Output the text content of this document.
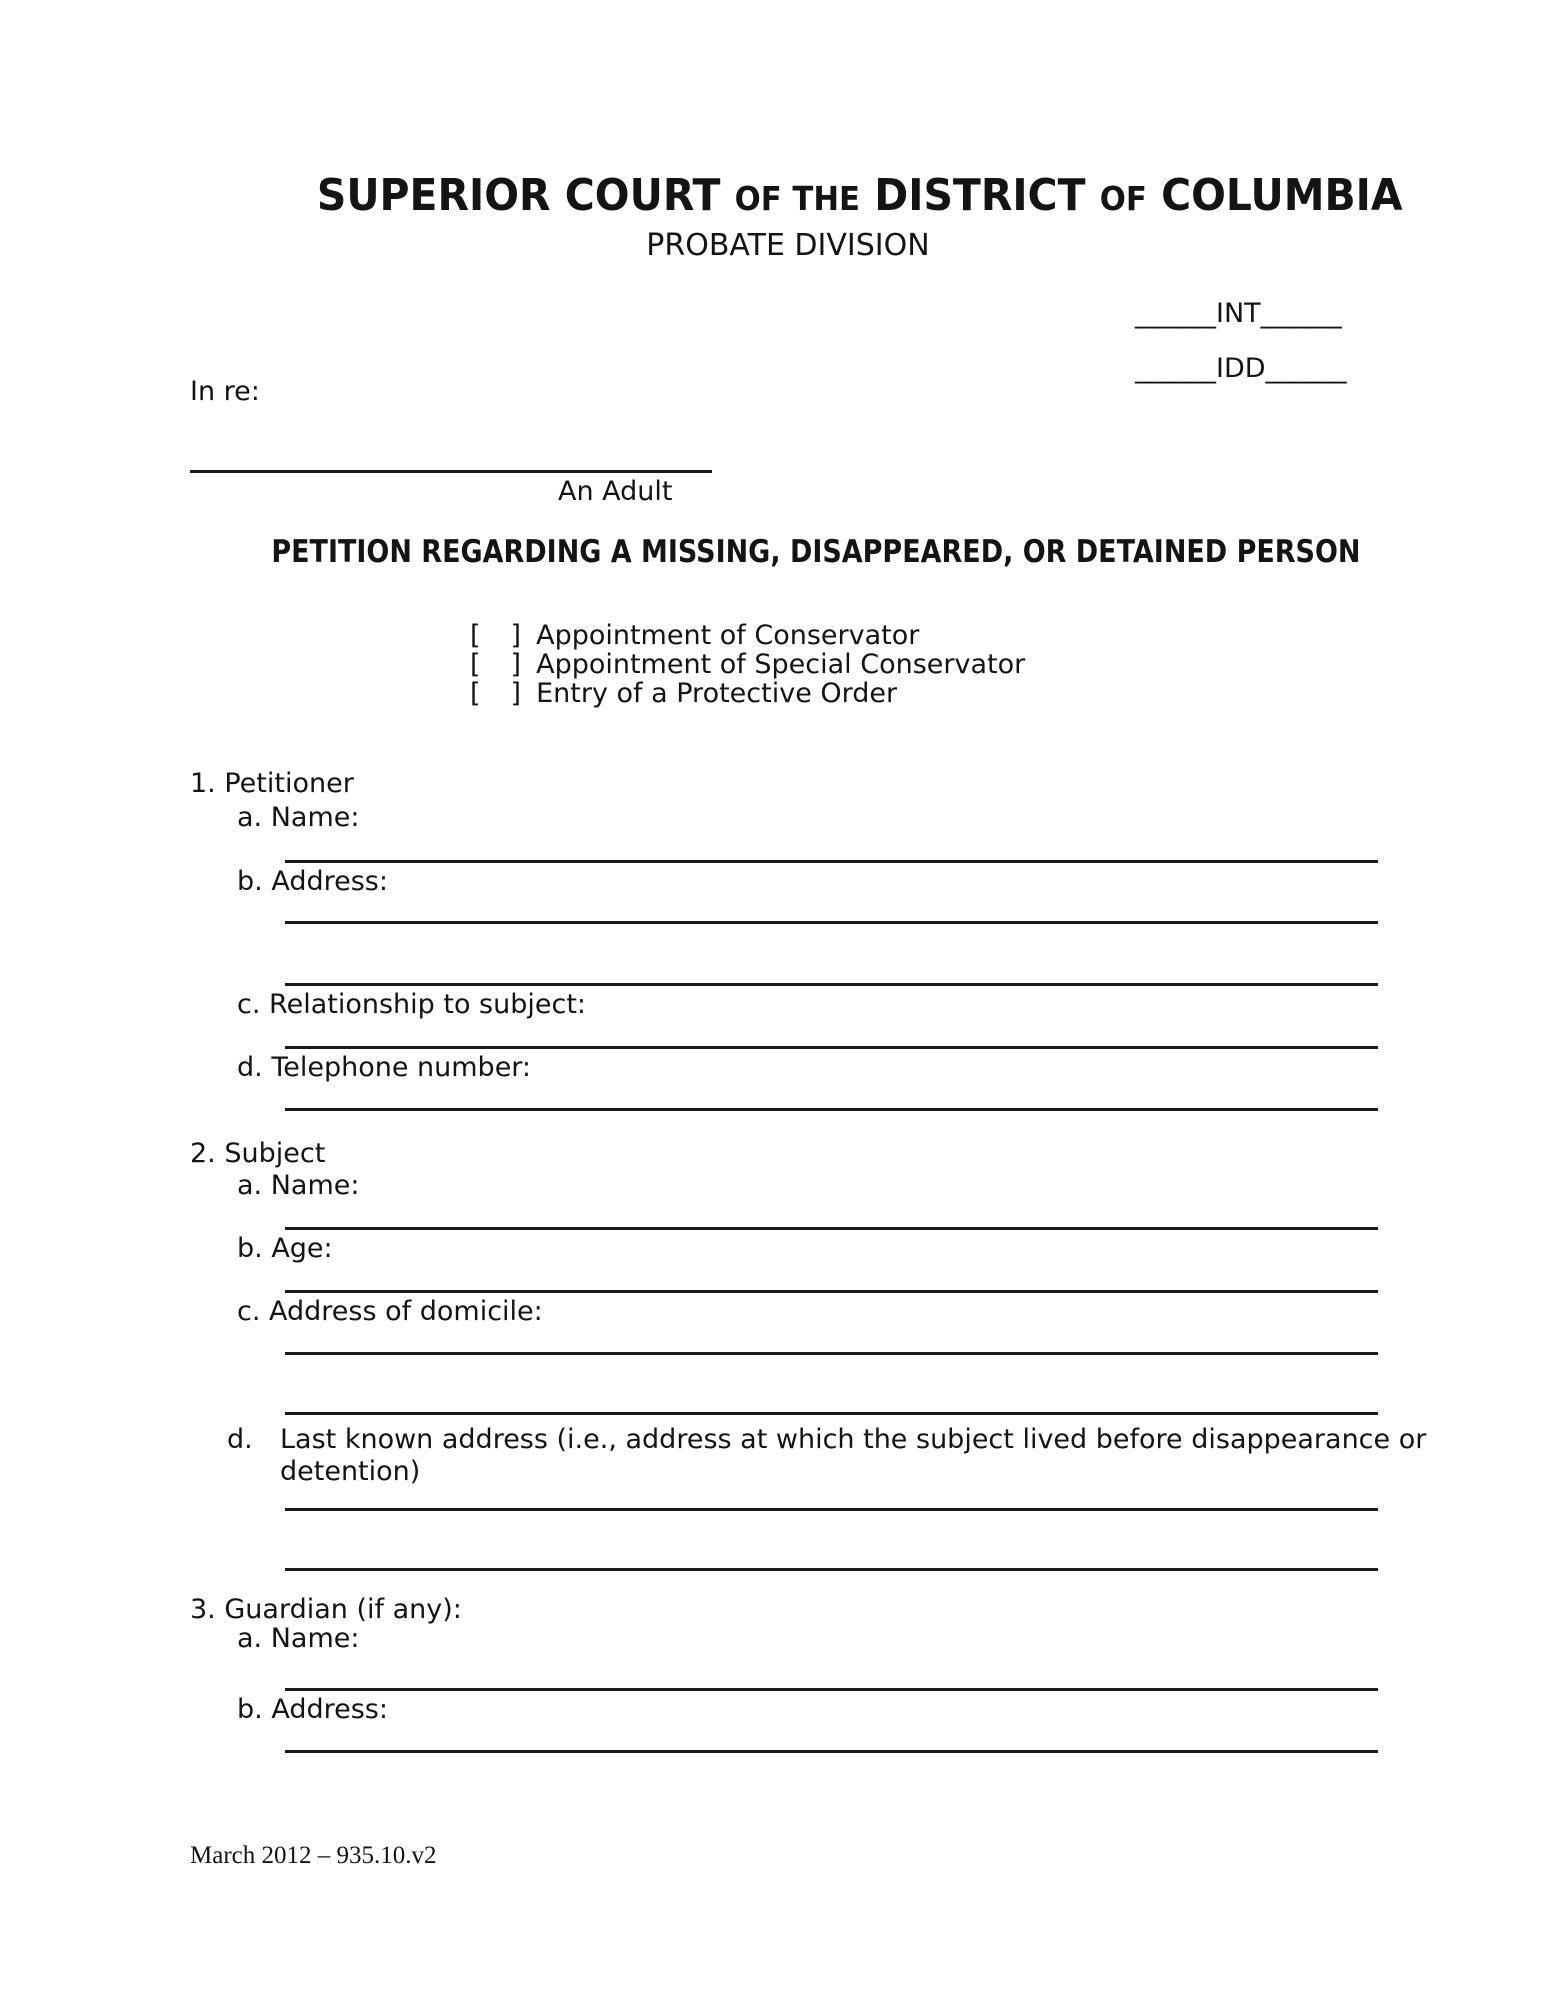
SUPERIOR COURT OF THE DISTRICT OF COLUMBIA
PROBATE DIVISION
______INT______
______IDD______
In re:
An Adult
PETITION REGARDING A MISSING, DISAPPEARED, OR DETAINED PERSON
[ ] Appointment of Conservator
[ ] Appointment of Special Conservator
[ ] Entry of a Protective Order
1. Petitioner
a. Name:
b. Address:
c. Relationship to subject:
d. Telephone number:
2. Subject
a. Name:
b. Age:
c. Address of domicile:
d. Last known address (i.e., address at which the subject lived before disappearance or
detention)
3. Guardian (if any):
a. Name:
b. Address:
March 2012 – 935.10.v2
